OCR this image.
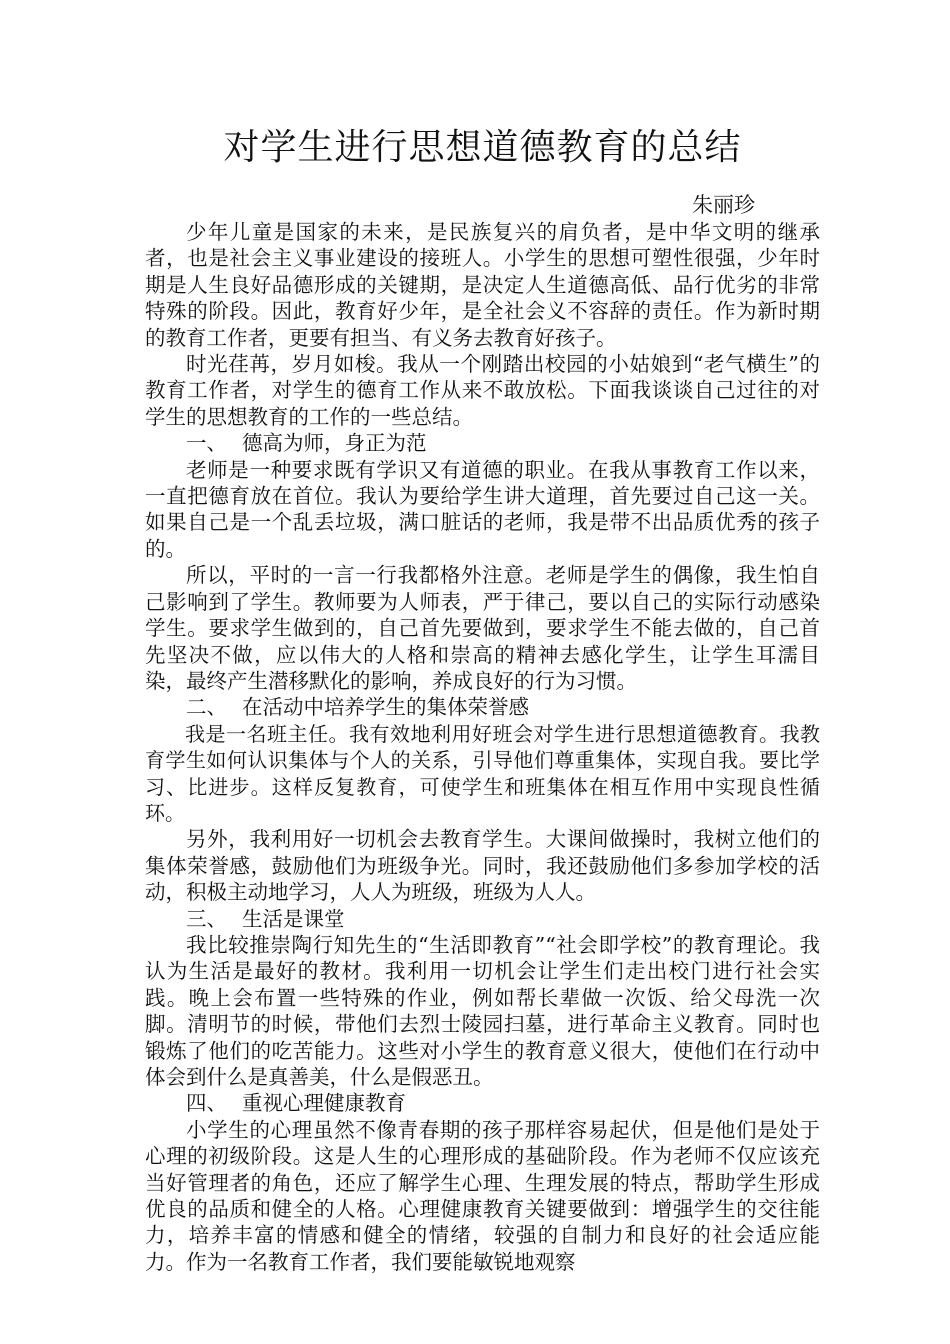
对学生进行思想道德教育的总结

朱丽珍

少年儿童是国家的未来，是民族复兴的肩负者，是中华文明的继承者，也是社会主义事业建设的接班人。小学生的思想可塑性很强，少年时期是人生良好品德形成的关键期，是决定人生道德高低、品行优劣的非常特殊的阶段。因此，教育好少年，是全社会义不容辞的责任。作为新时期的教育工作者，更要有担当、有义务去教育好孩子。

时光荏苒，岁月如梭。我从一个刚踏出校园的小姑娘到“老气横生”的教育工作者，对学生的德育工作从来不敢放松。下面我谈谈自己过往的对学生的思想教育的工作的一些总结。

一、 德高为师，身正为范

老师是一种要求既有学识又有道德的职业。在我从事教育工作以来，一直把德育放在首位。我认为要给学生讲大道理，首先要过自己这一关。如果自己是一个乱丢垃圾，满口脏话的老师，我是带不出品质优秀的孩子的。

所以，平时的一言一行我都格外注意。老师是学生的偶像，我生怕自己影响到了学生。教师要为人师表，严于律己，要以自己的实际行动感染学生。要求学生做到的，自己首先要做到，要求学生不能去做的，自己首先坚决不做，应以伟大的人格和崇高的精神去感化学生，让学生耳濡目染，最终产生潜移默化的影响，养成良好的行为习惯。

二、 在活动中培养学生的集体荣誉感

我是一名班主任。我有效地利用好班会对学生进行思想道德教育。我教育学生如何认识集体与个人的关系，引导他们尊重集体，实现自我。要比学习、比进步。这样反复教育，可使学生和班集体在相互作用中实现良性循环。

另外，我利用好一切机会去教育学生。大课间做操时，我树立他们的集体荣誉感，鼓励他们为班级争光。同时，我还鼓励他们多参加学校的活动，积极主动地学习，人人为班级，班级为人人。

三、 生活是课堂

我比较推崇陶行知先生的“生活即教育”“社会即学校”的教育理论。我认为生活是最好的教材。我利用一切机会让学生们走出校门进行社会实践。晚上会布置一些特殊的作业，例如帮长辈做一次饭、给父母洗一次脚。清明节的时候，带他们去烈士陵园扫墓，进行革命主义教育。同时也锻炼了他们的吃苦能力。这些对小学生的教育意义很大，使他们在行动中体会到什么是真善美，什么是假恶丑。

四、 重视心理健康教育

小学生的心理虽然不像青春期的孩子那样容易起伏，但是他们是处于心理的初级阶段。这是人生的心理形成的基础阶段。作为老师不仅应该充当好管理者的角色，还应了解学生心理、生理发展的特点，帮助学生形成优良的品质和健全的人格。心理健康教育关键要做到：增强学生的交往能力，培养丰富的情感和健全的情绪，较强的自制力和良好的社会适应能力。作为一名教育工作者，我们要能敏锐地观察
